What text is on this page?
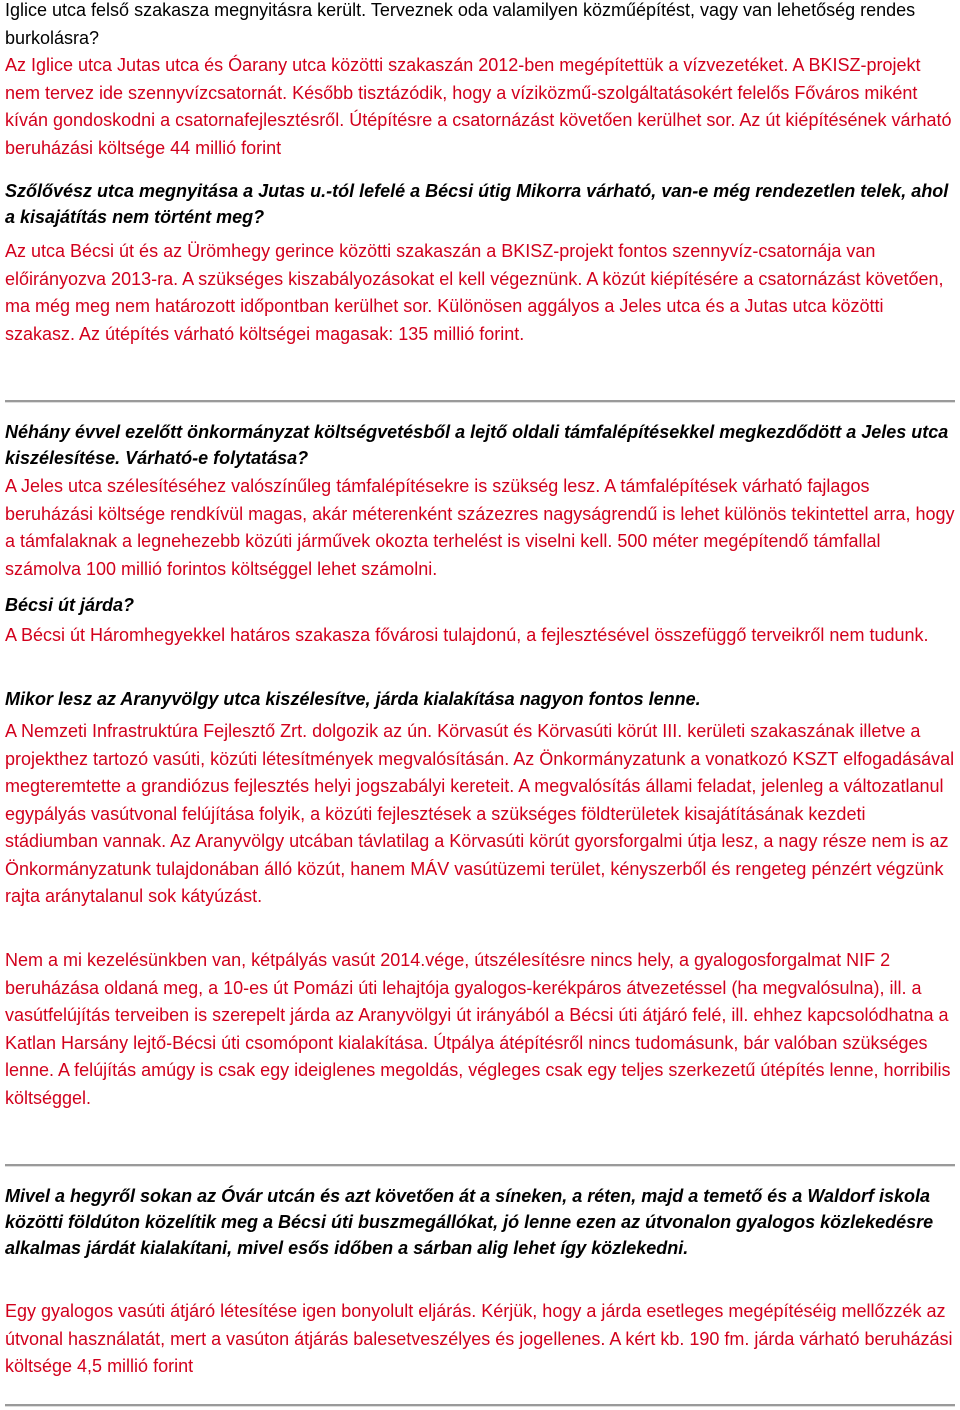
Iglice utca felső szakasza megnyitásra került. Terveznek oda valamilyen közműépítést, vagy van lehetőség rendes burkolásra?
Az Iglice utca Jutas utca és Óarany utca közötti szakaszán 2012-ben megépítettük a vízvezetéket. A BKISZ-projekt nem tervez ide szennyvízcsatornát. Később tisztázódik, hogy a víziközmű-szolgáltatásokért felelős Főváros miként kíván gondoskodni a csatornafejlesztésről. Útépítésre a csatornázást követően kerülhet sor. Az út kiépítésének várható beruházási költsége 44 millió forint
Szőlővész utca megnyitása a Jutas u.-tól lefelé a Bécsi útig Mikorra várható, van-e még rendezetlen telek, ahol a kisajátítás nem történt meg?
Az utca Bécsi út és az Ürömhegy gerince közötti szakaszán a BKISZ-projekt fontos szennyvíz-csatornája van előirányozva 2013-ra. A szükséges kiszabályozásokat el kell végeznünk. A közút kiépítésére a csatornázást követően, ma még meg nem határozott időpontban kerülhet sor. Különösen aggályos a Jeles utca és a Jutas utca közötti szakasz. Az útépítés várható költségei magasak: 135 millió forint.
Néhány évvel ezelőtt önkormányzat költségvetésből a lejtő oldali támfalépítésekkel megkezdődött a Jeles utca kiszélesítése. Várható-e folytatása?
A Jeles utca szélesítéséhez valószínűleg támfalépítésekre is szükség lesz. A támfalépítések várható fajlagos beruházási költsége rendkívül magas, akár méterenként százezres nagyságrendű is lehet különös tekintettel arra, hogy a támfalaknak a legnehezebb közúti járművek okozta terhelést is viselni kell. 500 méter megépítendő támfallal számolva 100 millió forintos költséggel lehet számolni.
Bécsi út járda?
A Bécsi út Háromhegyekkel határos szakasza fővárosi tulajdonú, a fejlesztésével összefüggő terveikről nem tudunk.
Mikor lesz az Aranyvölgy utca kiszélesítve, járda kialakítása nagyon fontos lenne.
A Nemzeti Infrastruktúra Fejlesztő Zrt. dolgozik az ún. Körvasút és Körvasúti körút III. kerületi szakaszának illetve a projekthez tartozó vasúti, közúti létesítmények megvalósításán. Az Önkormányzatunk a vonatkozó KSZT elfogadásával megteremtette a grandiózus fejlesztés helyi jogszabályi kereteit. A megvalósítás állami feladat, jelenleg a változatlanul egypályás vasútvonal felújítása folyik, a közúti fejlesztések a szükséges földterületek kisajátításának kezdeti stádiumban vannak. Az Aranyvölgy utcában távlatilag a Körvasúti körút gyorsforgalmi útja lesz, a nagy része nem is az Önkormányzatunk tulajdonában álló közút, hanem MÁV vasútüzemi terület, kényszerből és rengeteg pénzért végzünk rajta aránytalanul sok kátyúzást.
Nem a mi kezelésünkben van, kétpályás vasút 2014.vége, útszélesítésre nincs hely, a gyalogosforgalmat NIF 2 beruházása oldaná meg, a 10-es út Pomázi úti lehajtója gyalogos-kerékpáros átvezetéssel (ha megvalósulna), ill. a vasútfelújítás terveiben is szerepelt járda az Aranyvölgyi út irányából a Bécsi úti átjáró felé, ill. ehhez kapcsolódhatna a Katlan Harsány lejtő-Bécsi úti csomópont kialakítása. Útpálya átépítésről nincs tudomásunk, bár valóban szükséges lenne. A felújítás amúgy is csak egy ideiglenes megoldás, végleges csak egy teljes szerkezetű útépítés lenne, horribilis költséggel.
Mivel a hegyről sokan az Óvár utcán és azt követően át a síneken, a réten, majd a temető és a Waldorf iskola közötti földúton közelítik meg a Bécsi úti buszmegállókat, jó lenne ezen az útvonalon gyalogos közlekedésre alkalmas járdát kialakítani, mivel esős időben a sárban alig lehet így közlekedni.
Egy gyalogos vasúti átjáró létesítése igen bonyolult eljárás. Kérjük, hogy a járda esetleges megépítéséig mellőzzék az útvonal használatát, mert a vasúton átjárás balesetveszélyes és jogellenes. A kért kb. 190 fm. járda várható beruházási költsége 4,5 millió forint
